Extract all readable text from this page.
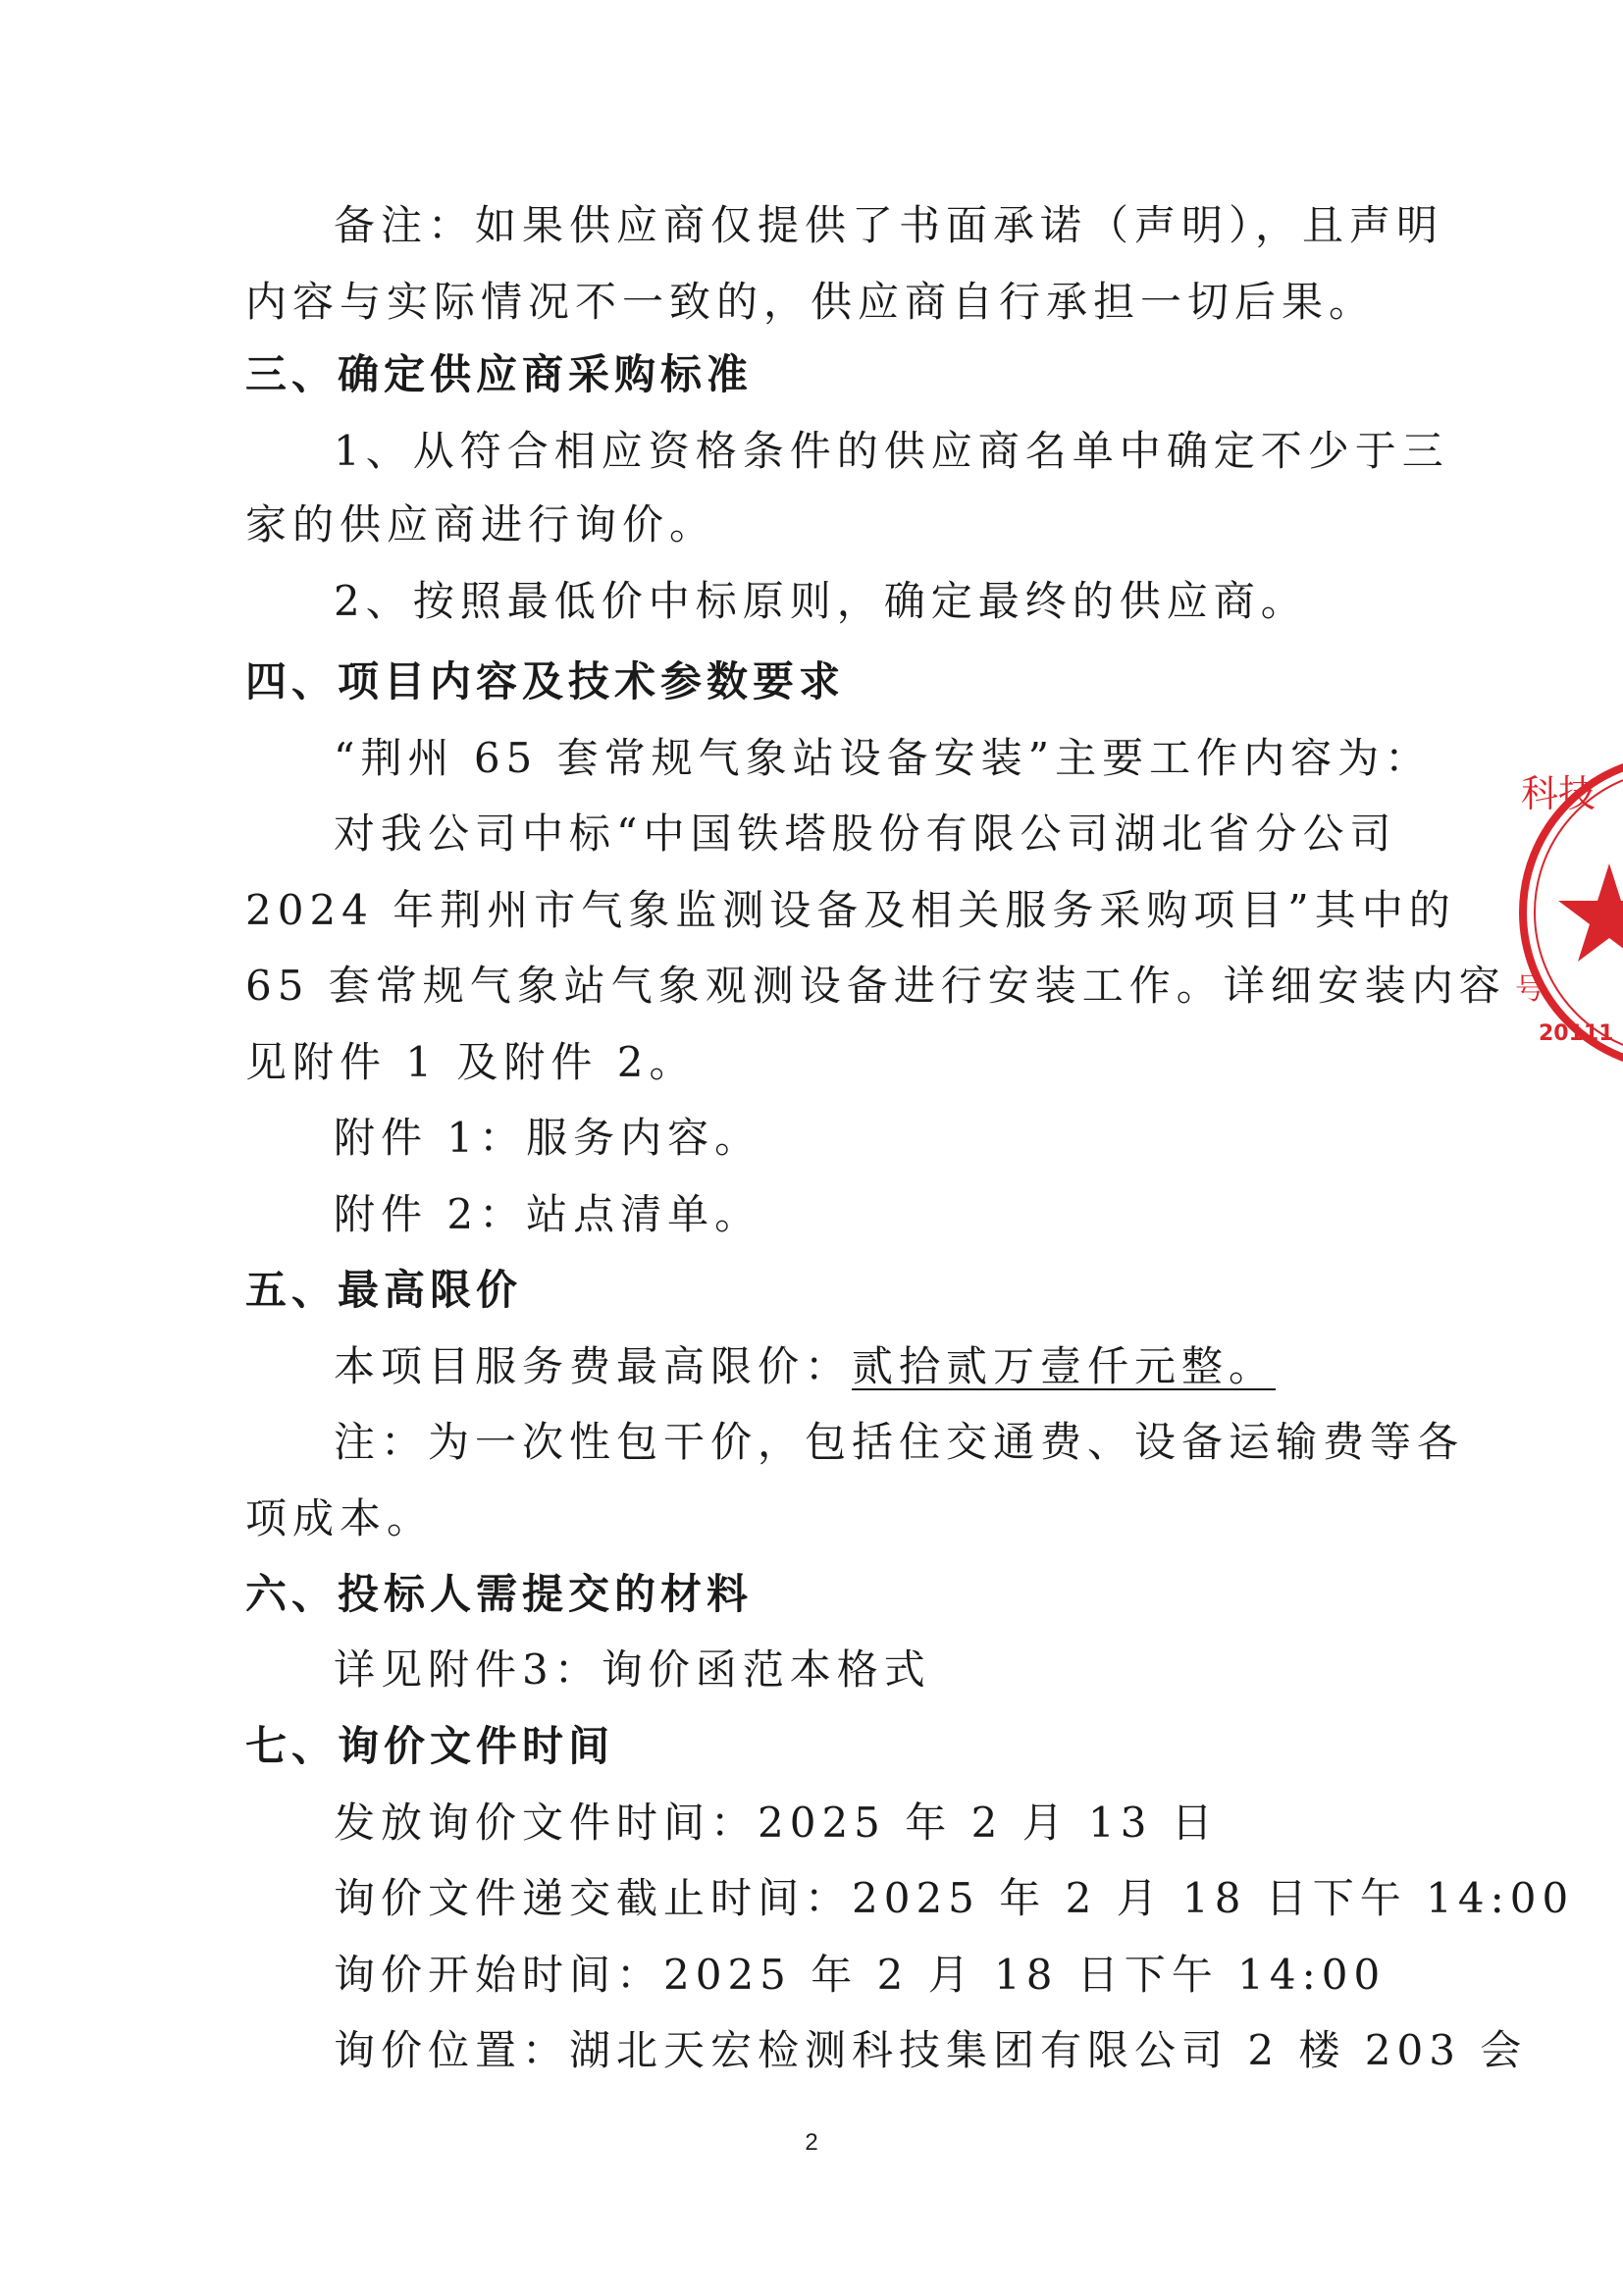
备注：如果供应商仅提供了书面承诺（声明），且声明
内容与实际情况不一致的，供应商自行承担一切后果。
三、确定供应商采购标准
1、从符合相应资格条件的供应商名单中确定不少于三
家的供应商进行询价。
2、按照最低价中标原则，确定最终的供应商。
四、项目内容及技术参数要求
“荆州 65 套常规气象站设备安装”主要工作内容为：
对我公司中标“中国铁塔股份有限公司湖北省分公司
2024 年荆州市气象监测设备及相关服务采购项目”其中的
65 套常规气象站气象观测设备进行安装工作。详细安装内容
见附件 1 及附件 2。
附件 1：服务内容。
附件 2：站点清单。
五、最高限价
本项目服务费最高限价：贰拾贰万壹仟元整。
注：为一次性包干价，包括住交通费、设备运输费等各
项成本。
六、投标人需提交的材料
详见附件3：询价函范本格式
七、询价文件时间
发放询价文件时间：2025 年 2 月 13 日
询价文件递交截止时间：2025 年 2 月 18 日下午 14:00
询价开始时间：2025 年 2 月 18 日下午 14:00
询价位置：湖北天宏检测科技集团有限公司 2 楼 203 会
2
科技
号
20111
